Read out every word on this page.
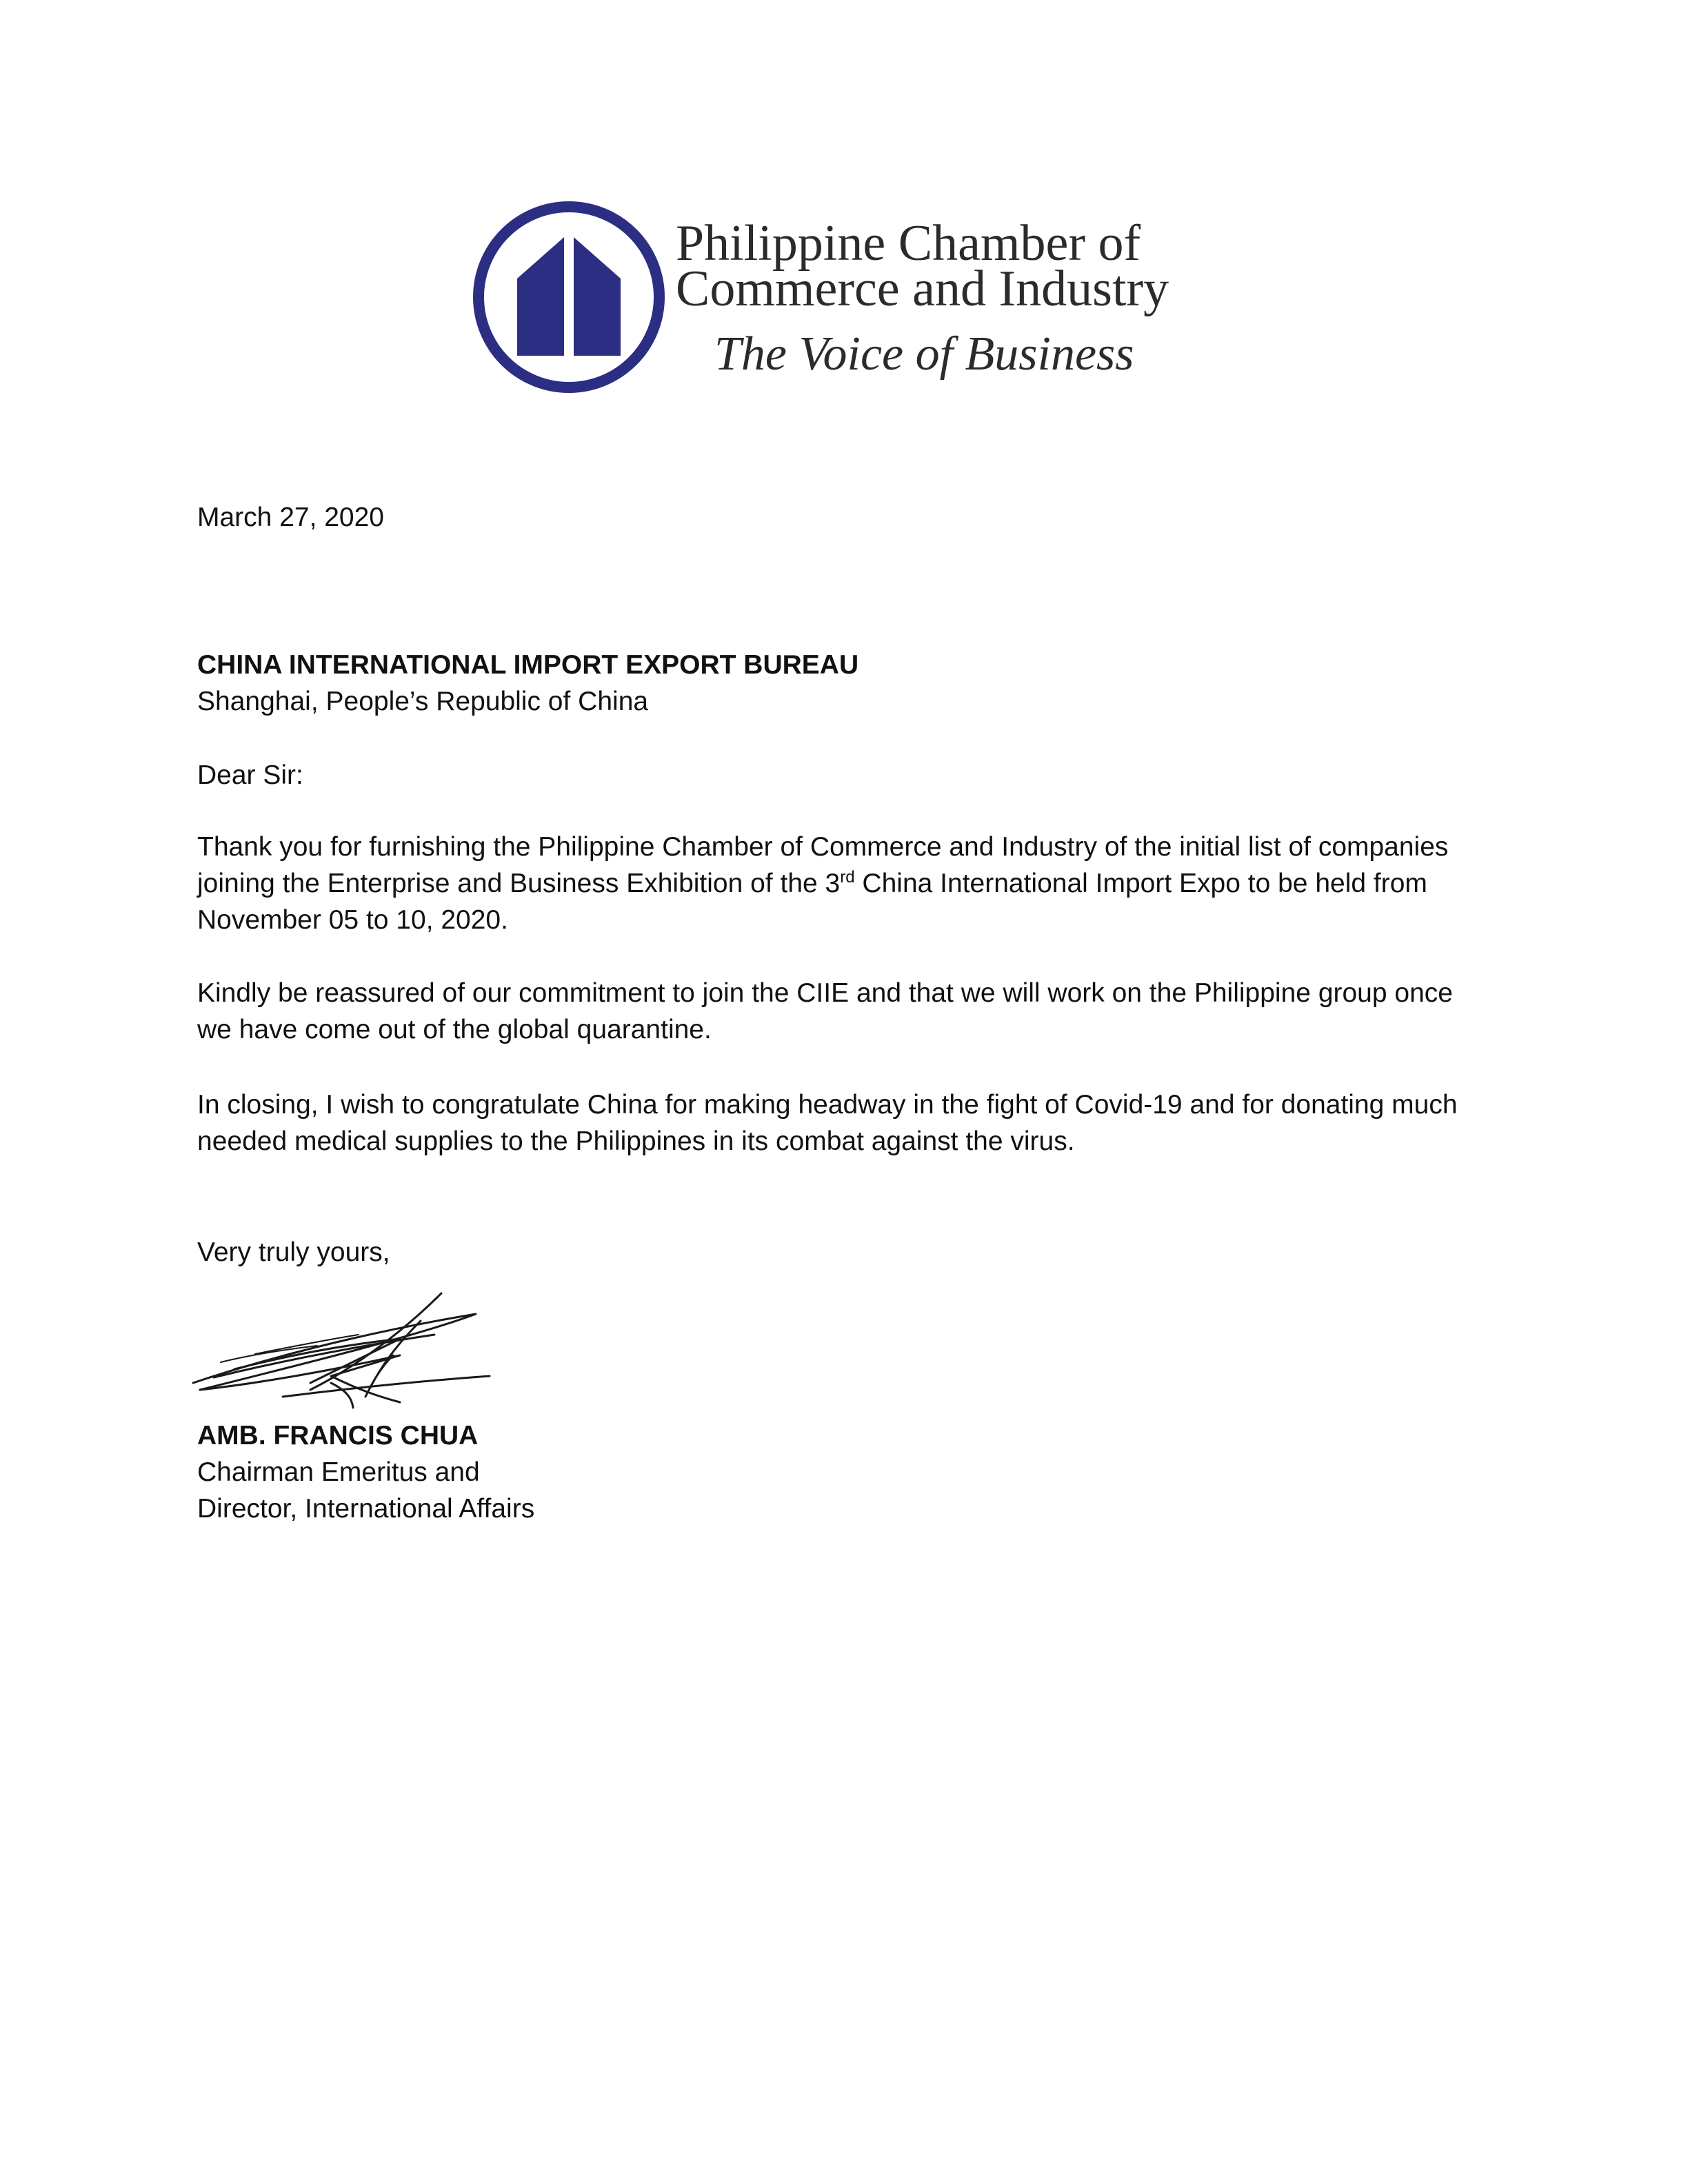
Philippine Chamber of
Commerce and Industry
The Voice of Business
March 27, 2020
CHINA INTERNATIONAL IMPORT EXPORT BUREAU
Shanghai, People’s Republic of China
Dear Sir:
Thank you for furnishing the Philippine Chamber of Commerce and Industry of the initial list of companies
joining the Enterprise and Business Exhibition of the 3rd China International Import Expo to be held from
November 05 to 10, 2020.
Kindly be reassured of our commitment to join the CIIE and that we will work on the Philippine group once
we have come out of the global quarantine.
In closing, I wish to congratulate China for making headway in the fight of Covid-19 and for donating much
needed medical supplies to the Philippines in its combat against the virus.
Very truly yours,
AMB. FRANCIS CHUA
Chairman Emeritus and
Director, International Affairs
